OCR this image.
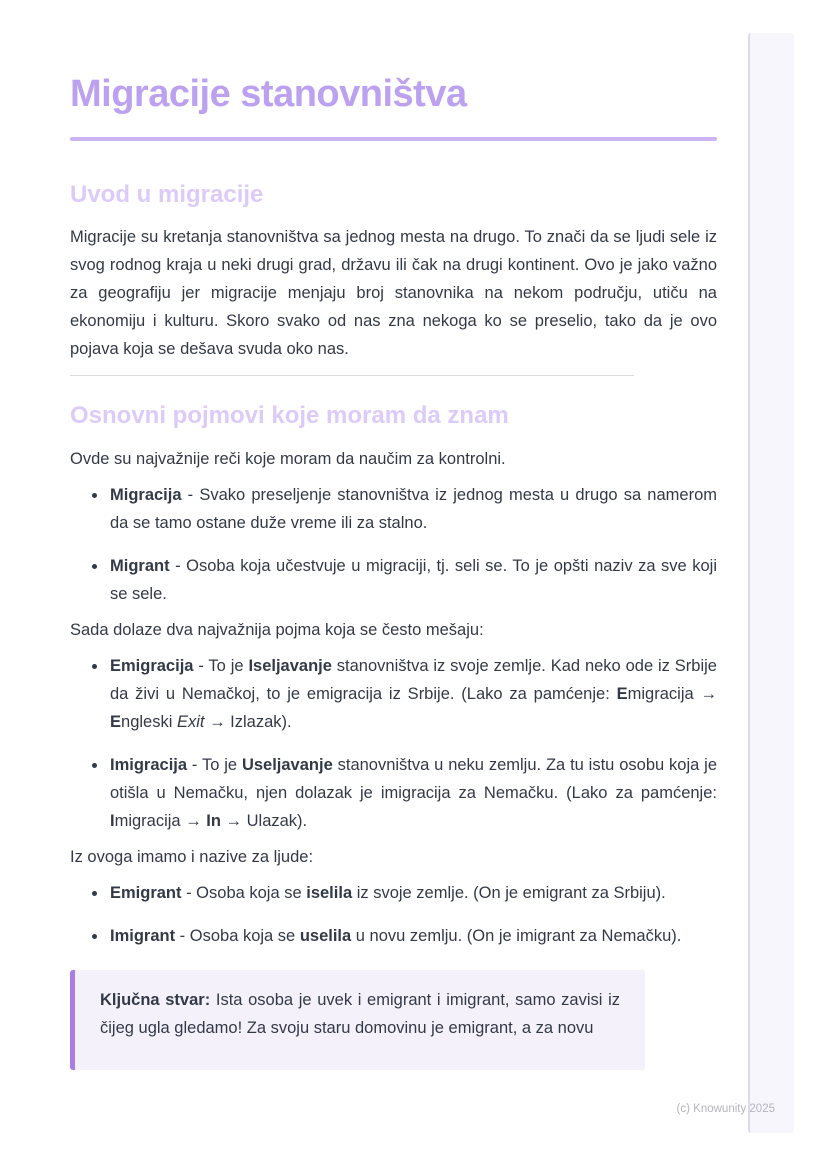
Migracije stanovništva
Uvod u migracije

Migracije su kretanja stanovništva sa jednog mesta na drugo. To znači da se ljudi sele iz svog rodnog kraja u neki drugi grad, državu ili čak na drugi kontinent. Ovo je jako važno za geografiju jer migracije menjaju broj stanovnika na nekom području, utiču na ekonomiju i kulturu. Skoro svako od nas zna nekoga ko se preselio, tako da je ovo pojava koja se dešava svuda oko nas.

Osnovni pojmovi koje moram da znam

Ovde su najvažnije reči koje moram da naučim za kontrolni.

• Migracija - Svako preseljenje stanovništva iz jednog mesta u drugo sa namerom da se tamo ostane duže vreme ili za stalno.
• Migrant - Osoba koja učestvuje u migraciji, tj. seli se. To je opšti naziv za sve koji se sele.

Sada dolaze dva najvažnija pojma koja se često mešaju:

• Emigracija - To je Iseljavanje stanovništva iz svoje zemlje. Kad neko ode iz Srbije da živi u Nemačkoj, to je emigracija iz Srbije. (Lako za pamćenje: Emigracija → Engleski Exit → Izlazak).
• Imigracija - To je Useljavanje stanovništva u neku zemlju. Za tu istu osobu koja je otišla u Nemačku, njen dolazak je imigracija za Nemačku. (Lako za pamćenje: Imigracija → In → Ulazak).

Iz ovoga imamo i nazive za ljude:

• Emigrant - Osoba koja se iselila iz svoje zemlje. (On je emigrant za Srbiju).
• Imigrant - Osoba koja se uselila u novu zemlju. (On je imigrant za Nemačku).

Ključna stvar: Ista osoba je uvek i emigrant i imigrant, samo zavisi iz čijeg ugla gledamo! Za svoju staru domovinu je emigrant, a za novu

(c) Knowunity 2025
